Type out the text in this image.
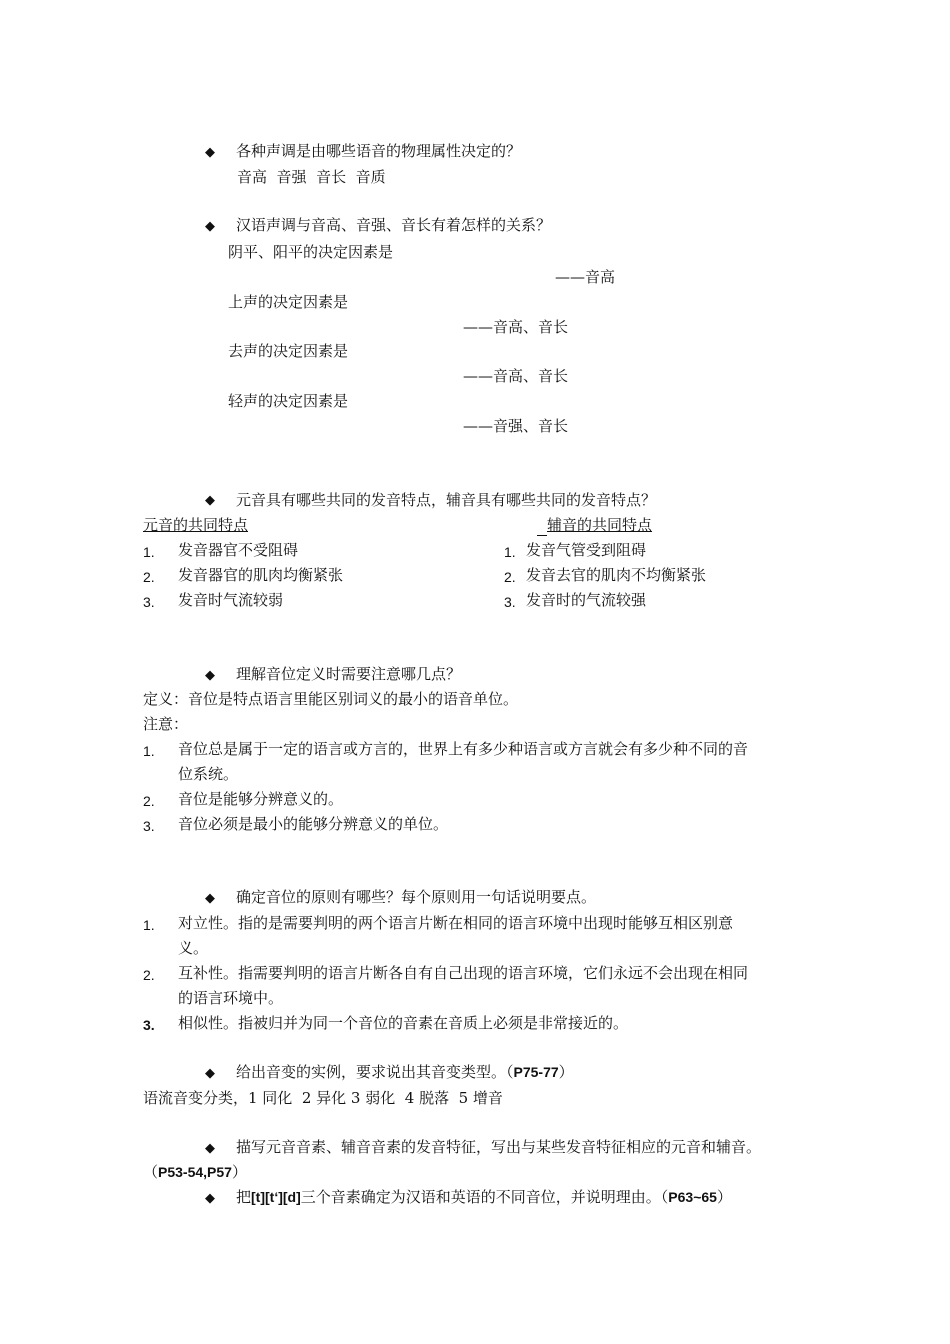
◆ 各种声调是由哪些语音的物理属性决定的？
音高  音强  音长  音质
◆ 汉语声调与音高、音强、音长有着怎样的关系？
阴平、阳平的决定因素是
——音高
上声的决定因素是
——音高、音长
去声的决定因素是
——音高、音长
轻声的决定因素是
——音强、音长
◆ 元音具有哪些共同的发音特点，辅音具有哪些共同的发音特点？
元音的共同特点	辅音的共同特点
1. 发音器官不受阻碍
2. 发音器官的肌肉均衡紧张
3. 发音时气流较弱
1. 发音气管受到阻碍
2. 发音去官的肌肉不均衡紧张
3. 发音时的气流较强
◆ 理解音位定义时需要注意哪几点？
定义：音位是特点语言里能区别词义的最小的语音单位。
注意：
1. 音位总是属于一定的语言或方言的，世界上有多少种语言或方言就会有多少种不同的音
位系统。
2. 音位是能够分辨意义的。
3. 音位必须是最小的能够分辨意义的单位。
◆ 确定音位的原则有哪些？每个原则用一句话说明要点。
1. 对立性。指的是需要判明的两个语言片断在相同的语言环境中出现时能够互相区别意
义。
2. 互补性。指需要判明的语言片断各自有自己出现的语言环境，它们永远不会出现在相同
的语言环境中。
3. 相似性。指被归并为同一个音位的音素在音质上必须是非常接近的。
◆ 给出音变的实例，要求说出其音变类型。（P75-77）
语流音变分类，1 同化  2 异化 3 弱化  4 脱落  5 增音
◆ 描写元音音素、辅音音素的发音特征，写出与某些发音特征相应的元音和辅音。
（P53-54,P57）
◆ 把[t][t‘][d]三个音素确定为汉语和英语的不同音位，并说明理由。（P63~65）
